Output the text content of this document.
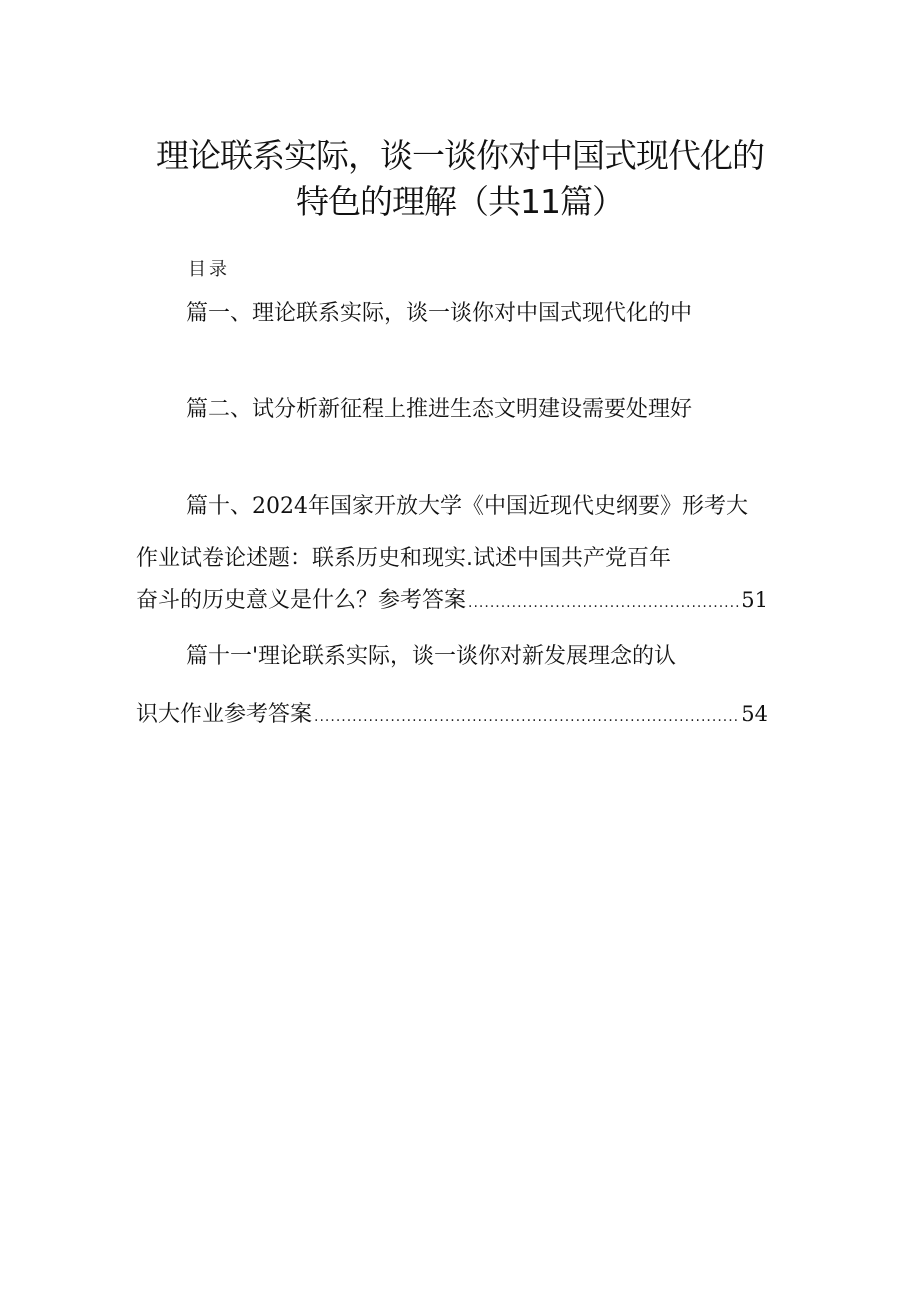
理论联系实际，谈一谈你对中国式现代化的
特色的理解（共11篇）
目录
篇一、理论联系实际，谈一谈你对中国式现代化的中
篇二、试分析新征程上推进生态文明建设需要处理好
篇十、2024年国家开放大学《中国近现代史纲要》形考大
作业试卷论述题：联系历史和现实.试述中国共产党百年
奋斗的历史意义是什么？参考答案 .....	51
篇十一'理论联系实际，谈一谈你对新发展理念的认
识大作业参考答案 .....	54
